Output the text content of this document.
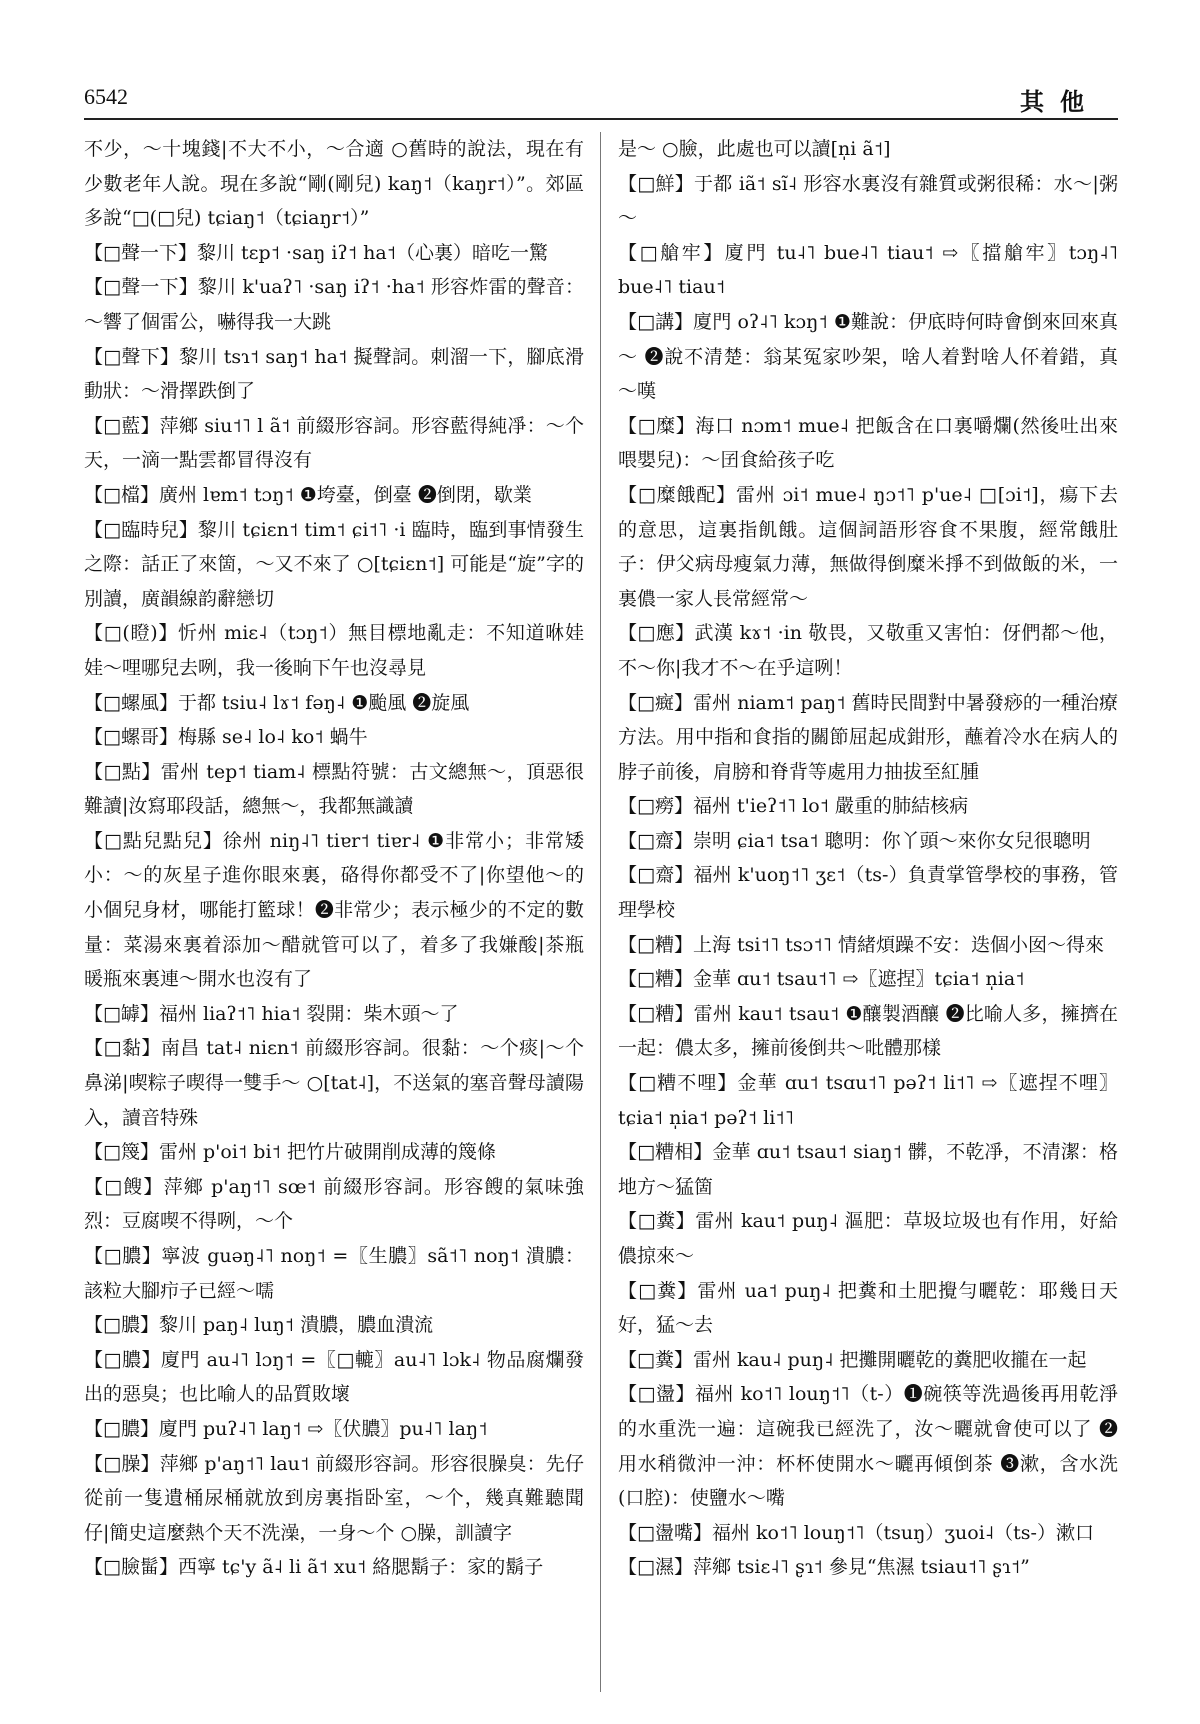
6542	其他

不少，～十塊錢|不大不小，～合適 ○舊時的說法，現在有少數老年人說。現在多說“剛(剛兒) kaŋ˦（kaŋr˦）”。郊區多說“□(□兒) tɕiaŋ˦（tɕiaŋr˦）”

【□聲一下】黎川 tɛp˦ ·saŋ iʔ˦ ha˦（心裏）暗吃一驚

【□聲一下】黎川 k'uaʔ˥ ·saŋ iʔ˦ ·ha˦ 形容炸雷的聲音：～響了個雷公，嚇得我一大跳

【□聲下】黎川 tsɿ˦ saŋ˦ ha˦ 擬聲詞。刺溜一下，腳底滑動狀：～滑擇跌倒了

【□藍】萍鄉 siu˦˥ l ã˦ 前綴形容詞。形容藍得純凈：～个天，一滴一點雲都冒得沒有

【□檔】廣州 lɐm˦ tɔŋ˦ ❶垮臺，倒臺 ❷倒閉，歇業

【□臨時兒】黎川 tɕiɛn˦ tim˦ ɕi˦˥ ·i 臨時，臨到事情發生之際：話正了來箇，～又不來了 ○[tɕiɛn˦] 可能是“旋”字的別讀，廣韻線韵辭戀切

【□(瞪)】忻州 miɛ˨（tɔŋ˦）無目標地亂走：不知道咻娃娃～哩哪兒去咧，我一後晌下午也沒尋見

【□螺風】于都 tsiu˨ lɤ˦ fəŋ˨ ❶颱風 ❷旋風

【□螺哥】梅縣 se˨ lo˨ ko˦ 蝸牛

【□點】雷州 tep˦ tiam˨ 標點符號：古文總無～，頂惡很難讀|汝寫耶段話，總無～，我都無識讀

【□點兒點兒】徐州 niŋ˨˥ tiɐr˦ tiɐr˨ ❶非常小；非常矮小：～的灰星子進你眼來裏，硌得你都受不了|你望他～的小個兒身材，哪能打籃球！❷非常少；表示極少的不定的數量：菜湯來裏着添加～醋就管可以了，着多了我嫌酸|茶瓶暖瓶來裏連～開水也沒有了

【□罅】福州 liaʔ˦˥ hia˦ 裂開：柴木頭～了

【□黏】南昌 tat˨ niɛn˦ 前綴形容詞。很黏：～个痰|～个鼻涕|喫粽子喫得一雙手～ ○[tat˨]，不送氣的塞音聲母讀陽入，讀音特殊

【□篾】雷州 p'oi˦ bi˦ 把竹片破開削成薄的篾條

【□餿】萍鄉 p'aŋ˦˥ sœ˦ 前綴形容詞。形容餿的氣味強烈：豆腐喫不得咧，～个

【□膿】寧波 guəŋ˨˥ noŋ˦ =〖生膿〗sã˦˥ noŋ˦ 潰膿：該粒大腳疖子已經～嚅

【□膿】黎川 paŋ˨ luŋ˦ 潰膿，膿血潰流

【□膿】廈門 au˨˥ lɔŋ˦ =〖□轆〗au˨˥ lɔk˨ 物品腐爛發出的惡臭；也比喻人的品質敗壞

【□膿】廈門 puʔ˨˥ laŋ˦ ⇨〖伏膿〗pu˨˥ laŋ˦

【□臊】萍鄉 p'aŋ˦˥ lau˦ 前綴形容詞。形容很臊臭：先仔從前一隻遺桶尿桶就放到房裏指卧室，～个，幾真難聽聞仔|簡史這麼熱个天不洗澡，一身～个 ○臊，訓讀字

【□臉髷】西寧 tɕ'y ã˨ li ã˦ xu˦ 絡腮鬍子：家的鬍子

是～ ○臉，此處也可以讀[n̩i ã˦]

【□鮮】于都 iã˦ sĩ˨ 形容水裏沒有雜質或粥很稀：水～|粥～

【□艙牢】廈門 tu˨˥ bue˨˥ tiau˦ ⇨〖擋艙牢〗tɔŋ˨˥ bue˨˥ tiau˦

【□講】廈門 oʔ˨˥ kɔŋ˦ ❶難說：伊底時何時會倒來回來真～ ❷說不清楚：翁某冤家吵架，啥人着對啥人伓着錯，真～嘆

【□糜】海口 nɔm˦ mue˨ 把飯含在口裏嚼爛(然後吐出來喂嬰兒)：～囝食給孩子吃

【□糜餓配】雷州 ɔi˦ mue˨ ŋɔ˦˥ p'ue˨ □[ɔi˦]，瘍下去的意思，這裏指飢餓。這個詞語形容食不果腹，經常餓肚子：伊父病母瘦氣力薄，無做得倒糜米掙不到做飯的米，一裏儂一家人長常經常～

【□應】武漢 kɤ˦ ·in 敬畏，又敬重又害怕：伢們都～他，不～你|我才不～在乎這咧！

【□癍】雷州 niam˦ paŋ˦ 舊時民間對中暑發痧的一種治療方法。用中指和食指的關節屈起成鉗形，蘸着冷水在病人的脖子前後，肩膀和脊背等處用力抽拔至紅腫

【□癆】福州 t'ieʔ˦˥ lo˦ 嚴重的肺結核病

【□齋】崇明 ɕia˦ tsa˦ 聰明：你丫頭～來你女兒很聰明

【□齋】福州 k'uoŋ˦˥ ʒɛ˦（ts-）負責掌管學校的事務，管理學校

【□糟】上海 tsi˦˥ tsɔ˦˥ 情緒煩躁不安：迭個小囡～得來

【□糟】金華 ɑu˦ tsau˦˥ ⇨〖遮捏〗tɕia˦ n̩ia˦

【□糟】雷州 kau˦ tsau˦ ❶釀製酒釀 ❷比喻人多，擁擠在一起：儂太多，擁前後倒共～吡體那樣

【□糟不哩】金華 ɑu˦ tsɑu˦˥ pəʔ˦ li˦˥ ⇨〖遮捏不哩〗tɕia˦ n̩ia˦ pəʔ˦ li˦˥

【□糟相】金華 ɑu˦ tsau˦ siaŋ˦ 髒，不乾凈，不清潔：格地方～猛箇

【□糞】雷州 kau˦ puŋ˨ 漚肥：草圾垃圾也有作用，好給儂掠來～

【□糞】雷州 ua˦ puŋ˨ 把糞和土肥攪勻曬乾：耶幾日天好，猛～去

【□糞】雷州 kau˨ puŋ˨ 把攤開曬乾的糞肥收攏在一起

【□盪】福州 ko˦˥ louŋ˦˥（t-）❶碗筷等洗過後再用乾淨的水重洗一遍：這碗我已經洗了，汝～曬就會使可以了 ❷用水稍微沖一沖：杯杯使開水～曬再傾倒茶 ❸漱，含水洗(口腔)：使鹽水～嘴

【□盪嘴】福州 ko˦˥ louŋ˦˥（tsuŋ）ʒuoi˨（ts-）漱口

【□濕】萍鄉 tsiɛ˨˥ ʂɿ˦ 參見“焦濕 tsiau˦˥ ʂɿ˦”
